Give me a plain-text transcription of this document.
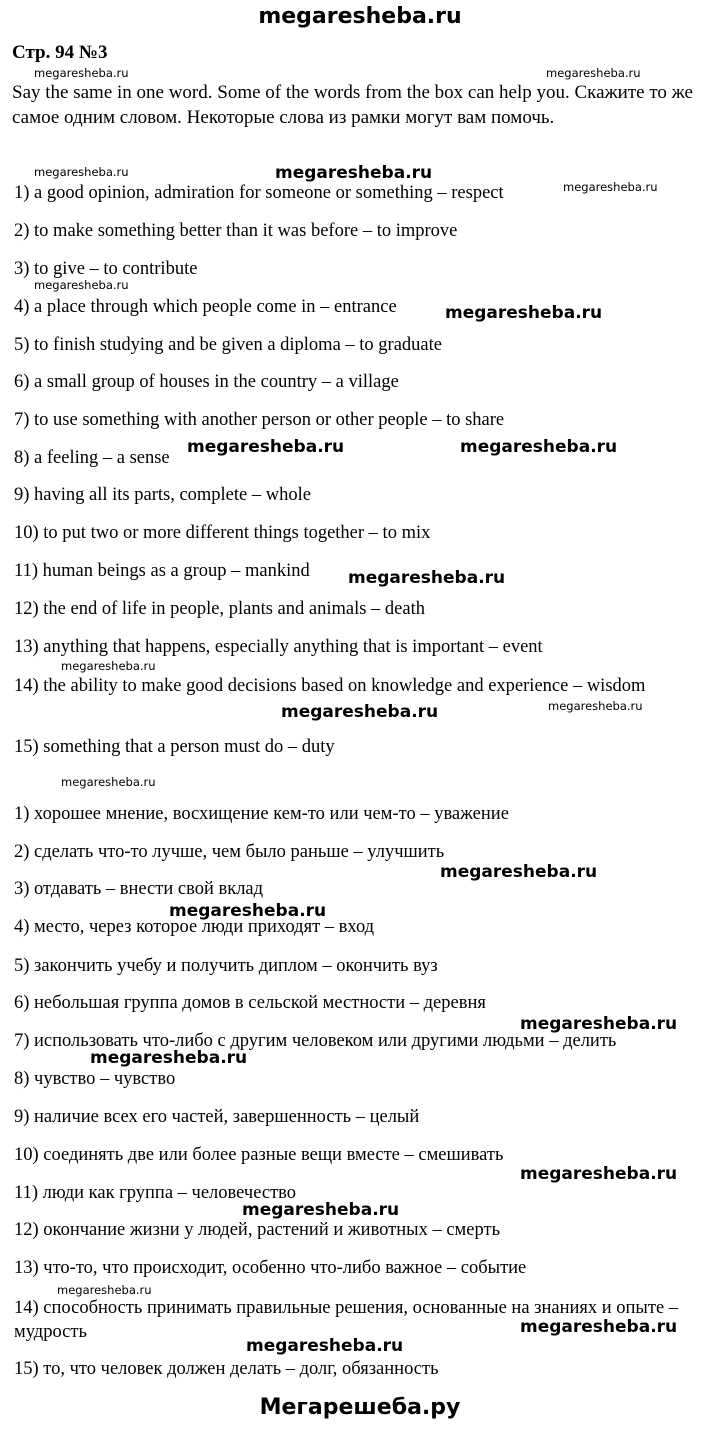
megaresheba.ru
Стр. 94 №3
Say the same in one word. Some of the words from the box can help you. Скажите то же самое одним словом. Некоторые слова из рамки могут вам помочь.
1) a good opinion, admiration for someone or something – respect
2) to make something better than it was before – to improve
3) to give – to contribute
4) a place through which people come in – entrance
5) to finish studying and be given a diploma – to graduate
6) a small group of houses in the country – a village
7) to use something with another person or other people – to share
8) a feeling – a sense
9) having all its parts, complete – whole
10) to put two or more different things together – to mix
11) human beings as a group – mankind
12) the end of life in people, plants and animals – death
13) anything that happens, especially anything that is important – event
14) the ability to make good decisions based on knowledge and experience – wisdom
15) something that a person must do – duty
1) хорошее мнение, восхищение кем-то или чем-то – уважение
2) сделать что-то лучше, чем было раньше – улучшить
3) отдавать – внести свой вклад
4) место, через которое люди приходят – вход
5) закончить учебу и получить диплом – окончить вуз
6) небольшая группа домов в сельской местности – деревня
7) использовать что-либо с другим человеком или другими людьми – делить
8) чувство – чувство
9) наличие всех его частей, завершенность – целый
10) соединять две или более разные вещи вместе – смешивать
11) люди как группа – человечество
12) окончание жизни у людей, растений и животных – смерть
13) что-то, что происходит, особенно что-либо важное – событие
14) способность принимать правильные решения, основанные на знаниях и опыте – мудрость
15) то, что человек должен делать – долг, обязанность
megaresheba.ru	megaresheba.ru
megaresheba.ru	megaresheba.ru
megaresheba.ru
megaresheba.ru
megaresheba.ru
megaresheba.ru	megaresheba.ru
megaresheba.ru
megaresheba.ru
megaresheba.ru	megaresheba.ru
megaresheba.ru
megaresheba.ru
megaresheba.ru
megaresheba.ru
megaresheba.ru
megaresheba.ru
megaresheba.ru
megaresheba.ru
megaresheba.ru
megaresheba.ru
Мегарешеба.ру
